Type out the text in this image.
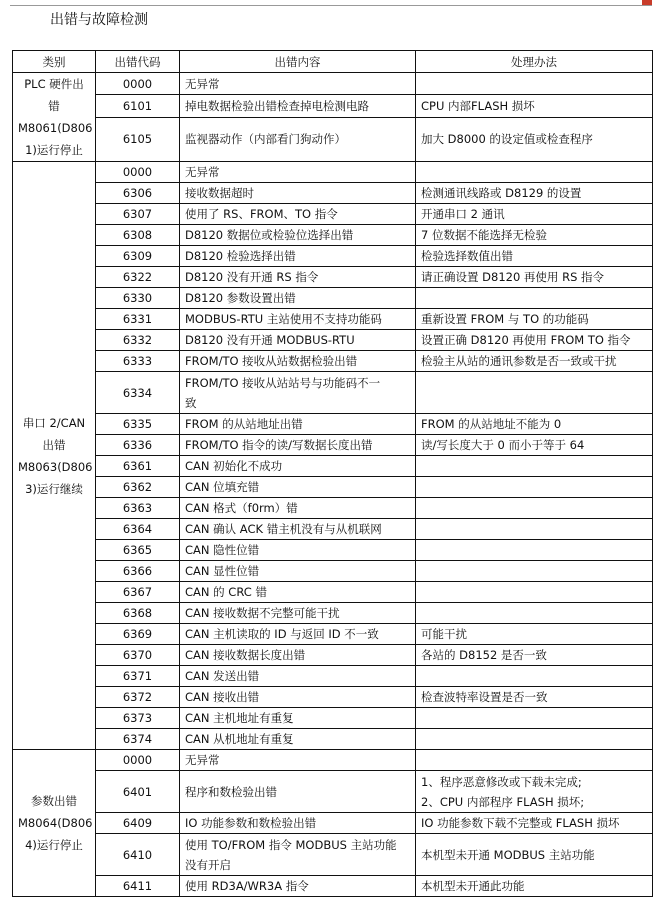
出错与故障检测
类别	出错代码	出错内容	处理办法

PLC 硬件出
错
M8061(D806
1)运行停止	0000	无异常	
	6101	掉电数据检验出错检查掉电检测电路	CPU 内部FLASH 损坏
	6105	监视器动作（内部看门狗动作）	加大 D8000 的设定值或检查程序

串口 2/CAN
出错
M8063(D806
3)运行继续	0000	无异常	
	6306	接收数据超时	检测通讯线路或 D8129 的设置
	6307	使用了 RS、FROM、TO 指令	开通串口 2 通讯
	6308	D8120 数据位或检验位选择出错	7 位数据不能选择无检验
	6309	D8120 检验选择出错	检验选择数值出错
	6322	D8120 没有开通 RS 指令	请正确设置 D8120 再使用 RS 指令
	6330	D8120 参数设置出错	
	6331	MODBUS-RTU 主站使用不支持功能码	重新设置 FROM 与 TO 的功能码
	6332	D8120 没有开通 MODBUS-RTU	设置正确 D8120 再使用 FROM TO 指令
	6333	FROM/TO 接收从站数据检验出错	检验主从站的通讯参数是否一致或干扰
	6334	FROM/TO 接收从站站号与功能码不一
致	

	6335	FROM 的从站地址出错	FROM 的从站地址不能为 0
	6336	FROM/TO 指令的读/写数据长度出错	读/写长度大于 0 而小于等于 64
	6361	CAN 初始化不成功	
	6362	CAN 位填充错	
	6363	CAN 格式（f0rm）错	
	6364	CAN 确认 ACK 错主机没有与从机联网	
	6365	CAN 隐性位错	
	6366	CAN 显性位错	
	6367	CAN 的 CRC 错	
	6368	CAN 接收数据不完整可能干扰	
	6369	CAN 主机读取的 ID 与返回 ID 不一致	可能干扰
	6370	CAN 接收数据长度出错	各站的 D8152 是否一致
	6371	CAN 发送出错	
	6372	CAN 接收出错	检查波特率设置是否一致
	6373	CAN 主机地址有重复	
	6374	CAN 从机地址有重复	

参数出错
M8064(D806
4)运行停止	0000	无异常	
	6401	程序和数检验出错	1、程序恶意修改或下载未完成;
2、CPU 内部程序 FLASH 损坏;

	6409	IO 功能参数和数检验出错	IO 功能参数下载不完整或 FLASH 损坏
	6410	使用 TO/FROM 指令 MODBUS 主站功能
没有开启	本机型未开通 MODBUS 主站功能
	6411	使用 RD3A/WR3A 指令	本机型未开通此功能
